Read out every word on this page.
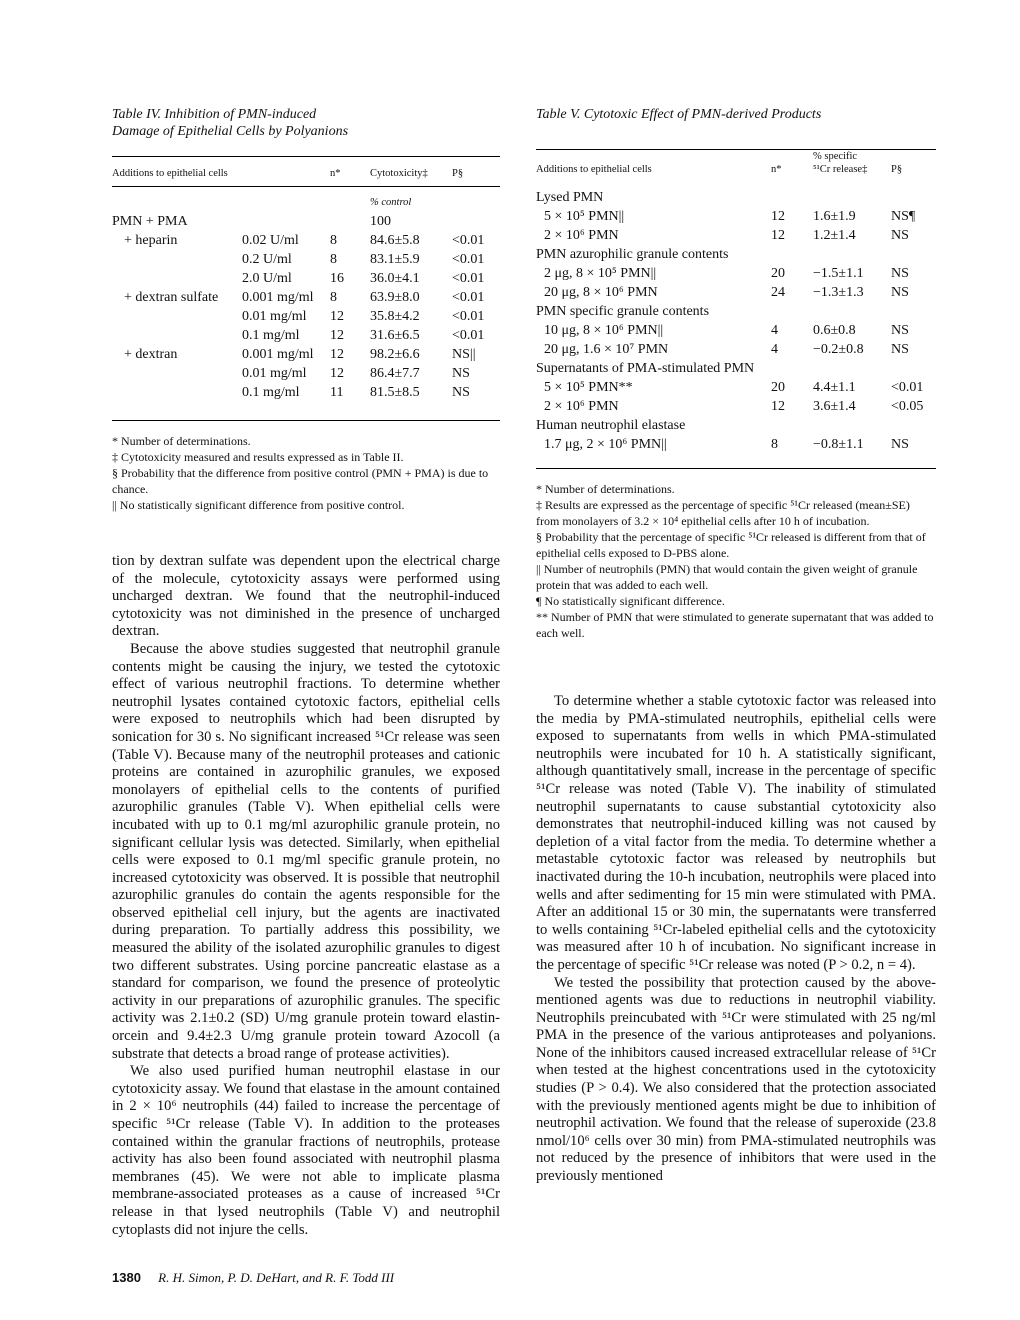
Table IV. Inhibition of PMN-induced
Damage of Epithelial Cells by Polyanions
Additions to epithelial cells		n*	Cytotoxicity‡	P§
			% control	
PMN + PMA			100	
+ heparin	0.02 U/ml	8	84.6±5.8	<0.01
	0.2 U/ml	8	83.1±5.9	<0.01
	2.0 U/ml	16	36.0±4.1	<0.01
+ dextran sulfate	0.001 mg/ml	8	63.9±8.0	<0.01
	0.01 mg/ml	12	35.8±4.2	<0.01
	0.1 mg/ml	12	31.6±6.5	<0.01
+ dextran	0.001 mg/ml	12	98.2±6.6	NS||
	0.01 mg/ml	12	86.4±7.7	NS
	0.1 mg/ml	11	81.5±8.5	NS

* Number of determinations.

‡ Cytotoxicity measured and results expressed as in Table II.

§ Probability that the difference from positive control (PMN + PMA) is due to chance.

|| No statistically significant difference from positive control.

tion by dextran sulfate was dependent upon the electrical charge of the molecule, cytotoxicity assays were performed using uncharged dextran. We found that the neutrophil-induced cytotoxicity was not diminished in the presence of uncharged dextran.

Because the above studies suggested that neutrophil granule contents might be causing the injury, we tested the cytotoxic effect of various neutrophil fractions. To determine whether neutrophil lysates contained cytotoxic factors, epithelial cells were exposed to neutrophils which had been disrupted by sonication for 30 s. No significant increased ⁵¹Cr release was seen (Table V). Because many of the neutrophil proteases and cationic proteins are contained in azurophilic granules, we exposed monolayers of epithelial cells to the contents of purified azurophilic granules (Table V). When epithelial cells were incubated with up to 0.1 mg/ml azurophilic granule protein, no significant cellular lysis was detected. Similarly, when epithelial cells were exposed to 0.1 mg/ml specific granule protein, no increased cytotoxicity was observed. It is possible that neutrophil azurophilic granules do contain the agents responsible for the observed epithelial cell injury, but the agents are inactivated during preparation. To partially address this possibility, we measured the ability of the isolated azurophilic granules to digest two different substrates. Using porcine pancreatic elastase as a standard for comparison, we found the presence of proteolytic activity in our preparations of azurophilic granules. The specific activity was 2.1±0.2 (SD) U/mg granule protein toward elastin-orcein and 9.4±2.3 U/mg granule protein toward Azocoll (a substrate that detects a broad range of protease activities).

We also used purified human neutrophil elastase in our cytotoxicity assay. We found that elastase in the amount contained in 2 × 10⁶ neutrophils (44) failed to increase the percentage of specific ⁵¹Cr release (Table V). In addition to the proteases contained within the granular fractions of neutrophils, protease activity has also been found associated with neutrophil plasma membranes (45). We were not able to implicate plasma membrane-associated proteases as a cause of increased ⁵¹Cr release in that lysed neutrophils (Table V) and neutrophil cytoplasts did not injure the cells.

Table V. Cytotoxic Effect of PMN-derived Products
Additions to epithelial cells	n*	% specific
⁵¹Cr release‡	P§
Lysed PMN			
5 × 10⁵ PMN||	12	1.6±1.9	NS¶
2 × 10⁶ PMN	12	1.2±1.4	NS
PMN azurophilic granule contents			
2 μg, 8 × 10⁵ PMN||	20	−1.5±1.1	NS
20 μg, 8 × 10⁶ PMN	24	−1.3±1.3	NS
PMN specific granule contents			
10 μg, 8 × 10⁶ PMN||	4	0.6±0.8	NS
20 μg, 1.6 × 10⁷ PMN	4	−0.2±0.8	NS
Supernatants of PMA-stimulated PMN			
5 × 10⁵ PMN**	20	4.4±1.1	<0.01
2 × 10⁶ PMN	12	3.6±1.4	<0.05
Human neutrophil elastase			
1.7 μg, 2 × 10⁶ PMN||	8	−0.8±1.1	NS

* Number of determinations.

‡ Results are expressed as the percentage of specific ⁵¹Cr released (mean±SE) from monolayers of 3.2 × 10⁴ epithelial cells after 10 h of incubation.

§ Probability that the percentage of specific ⁵¹Cr released is different from that of epithelial cells exposed to D-PBS alone.

|| Number of neutrophils (PMN) that would contain the given weight of granule protein that was added to each well.

¶ No statistically significant difference.

** Number of PMN that were stimulated to generate supernatant that was added to each well.

To determine whether a stable cytotoxic factor was released into the media by PMA-stimulated neutrophils, epithelial cells were exposed to supernatants from wells in which PMA-stimulated neutrophils were incubated for 10 h. A statistically significant, although quantitatively small, increase in the percentage of specific ⁵¹Cr release was noted (Table V). The inability of stimulated neutrophil supernatants to cause substantial cytotoxicity also demonstrates that neutrophil-induced killing was not caused by depletion of a vital factor from the media. To determine whether a metastable cytotoxic factor was released by neutrophils but inactivated during the 10-h incubation, neutrophils were placed into wells and after sedimenting for 15 min were stimulated with PMA. After an additional 15 or 30 min, the supernatants were transferred to wells containing ⁵¹Cr-labeled epithelial cells and the cytotoxicity was measured after 10 h of incubation. No significant increase in the percentage of specific ⁵¹Cr release was noted (P > 0.2, n = 4).

We tested the possibility that protection caused by the above-mentioned agents was due to reductions in neutrophil viability. Neutrophils preincubated with ⁵¹Cr were stimulated with 25 ng/ml PMA in the presence of the various antiproteases and polyanions. None of the inhibitors caused increased extracellular release of ⁵¹Cr when tested at the highest concentrations used in the cytotoxicity studies (P > 0.4). We also considered that the protection associated with the previously mentioned agents might be due to inhibition of neutrophil activation. We found that the release of superoxide (23.8 nmol/10⁶ cells over 30 min) from PMA-stimulated neutrophils was not reduced by the presence of inhibitors that were used in the previously mentioned

1380 R. H. Simon, P. D. DeHart, and R. F. Todd III
